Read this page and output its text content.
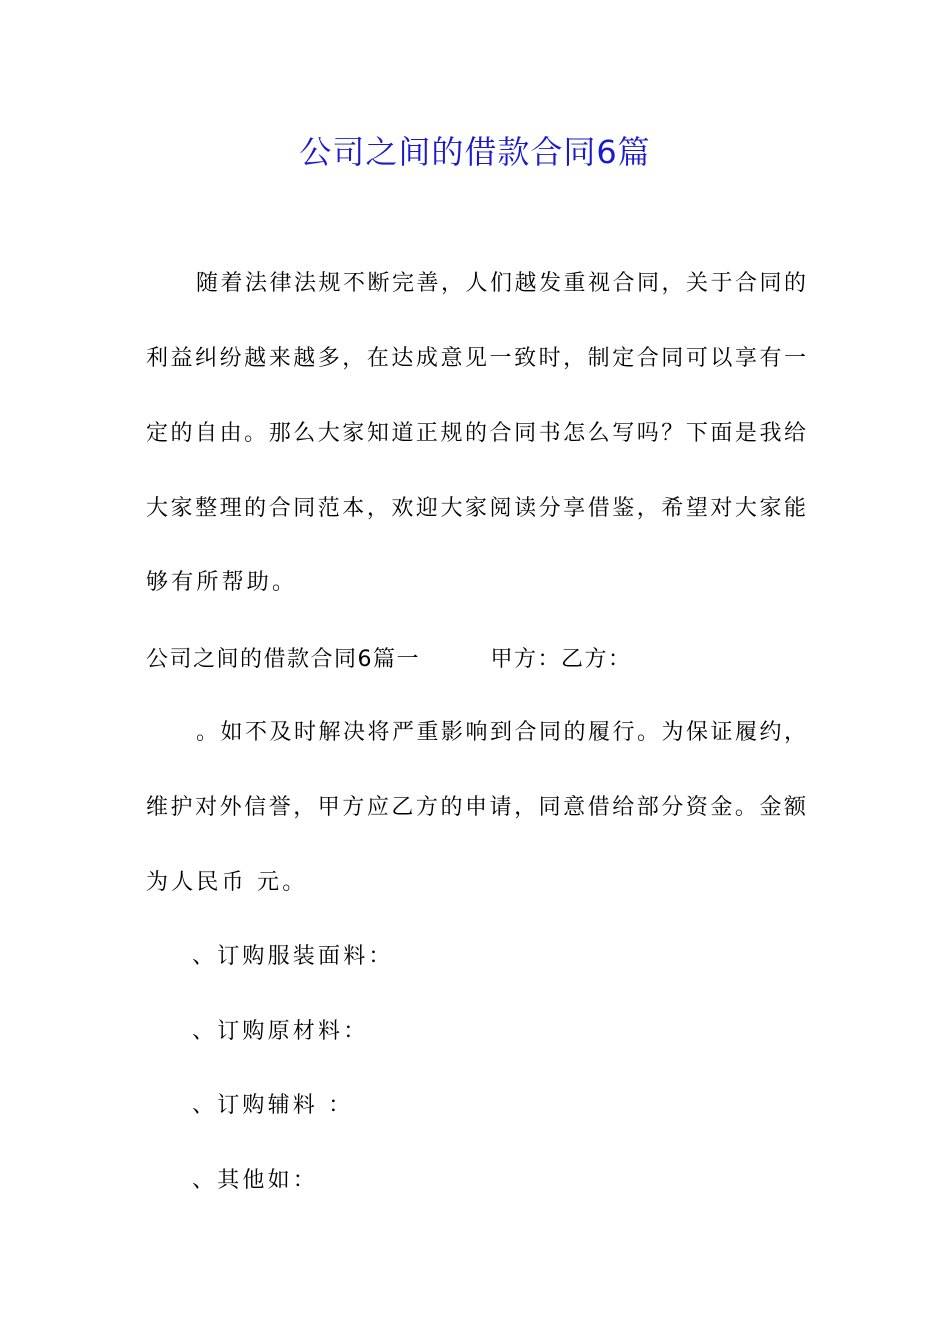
公司之间的借款合同6篇
随着法律法规不断完善，人们越发重视合同，关于合同的
利益纠纷越来越多，在达成意见一致时，制定合同可以享有一
定的自由。那么大家知道正规的合同书怎么写吗？下面是我给
大家整理的合同范本，欢迎大家阅读分享借鉴，希望对大家能
够有所帮助。
公司之间的借款合同6篇一　　　甲方：乙方：
。如不及时解决将严重影响到合同的履行。为保证履约，
维护对外信誉，甲方应乙方的申请，同意借给部分资金。金额
为人民币 元。
、订购服装面料：
、订购原材料：
、订购辅料 ：
、其他如：
